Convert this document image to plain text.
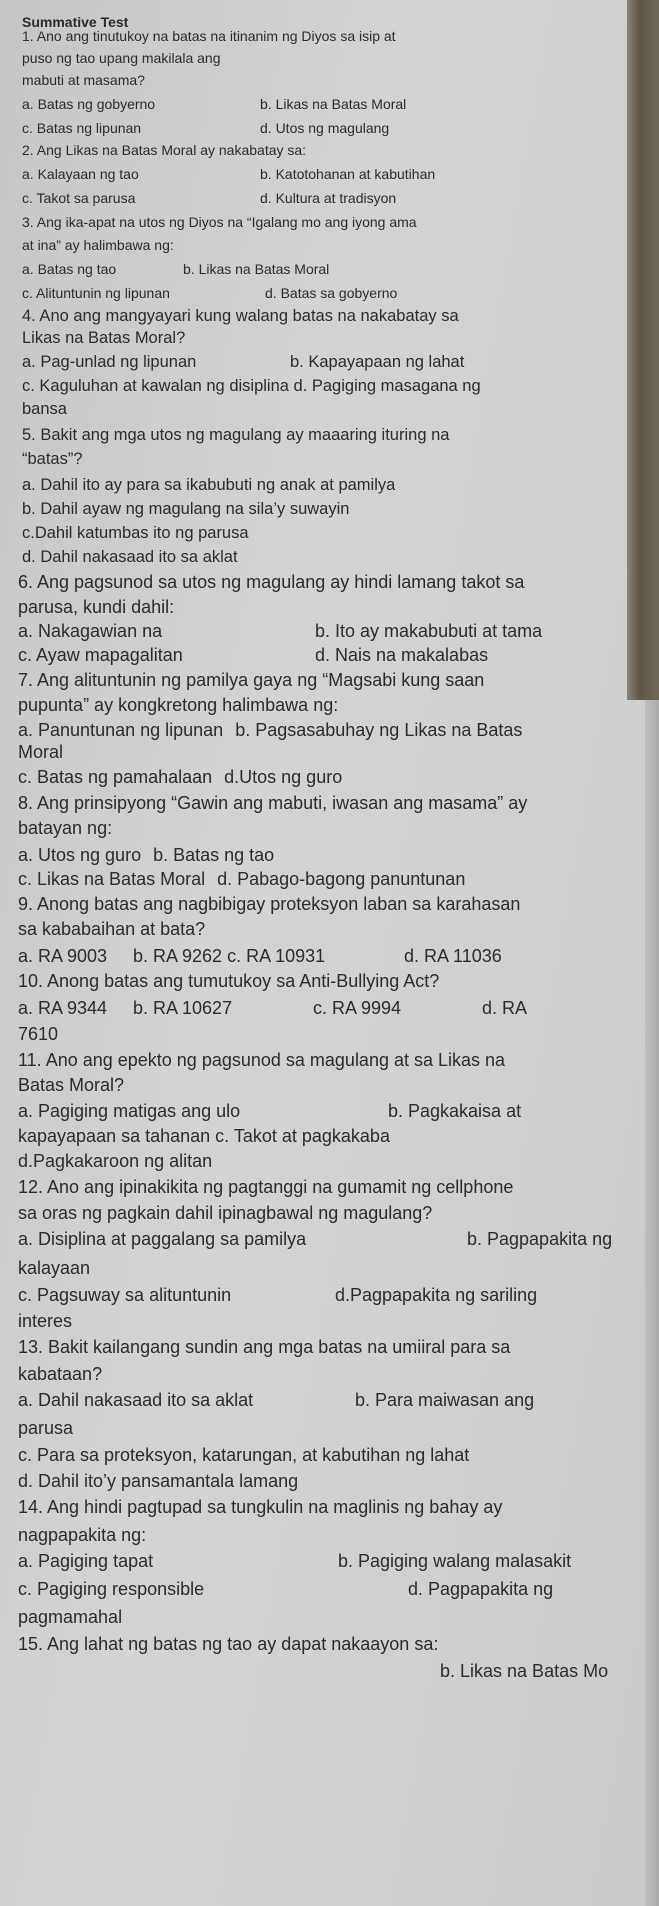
Summative Test
1. Ano ang tinutukoy na batas na itinanim ng Diyos sa isip at
puso ng tao upang makilala ang
mabuti at masama?
a. Batas ng gobyerno	b. Likas na Batas Moral
c. Batas ng lipunan	d. Utos ng magulang
2. Ang Likas na Batas Moral ay nakabatay sa:
a. Kalayaan ng tao	b. Katotohanan at kabutihan
c. Takot sa parusa	d. Kultura at tradisyon
3. Ang ika-apat na utos ng Diyos na “Igalang mo ang iyong ama
at ina” ay halimbawa ng:
a. Batas ng tao	b. Likas na Batas Moral
c. Alituntunin ng lipunan	d. Batas sa gobyerno
4. Ano ang mangyayari kung walang batas na nakabatay sa
Likas na Batas Moral?
a. Pag-unlad ng lipunan	b. Kapayapaan ng lahat
c. Kaguluhan at kawalan ng disiplina d. Pagiging masagana ng
bansa
5. Bakit ang mga utos ng magulang ay maaaring ituring na
“batas”?
a. Dahil ito ay para sa ikabubuti ng anak at pamilya
b. Dahil ayaw ng magulang na sila’y suwayin
c.Dahil katumbas ito ng parusa
d. Dahil nakasaad ito sa aklat
6. Ang pagsunod sa utos ng magulang ay hindi lamang takot sa
parusa, kundi dahil:
a. Nakagawian na	b. Ito ay makabubuti at tama
c. Ayaw mapagalitan	d. Nais na makalabas
7. Ang alituntunin ng pamilya gaya ng “Magsabi kung saan
pupunta” ay kongkretong halimbawa ng:
a. Panuntunan ng lipunan b. Pagsasabuhay ng Likas na Batas
Moral
c. Batas ng pamahalaan d.Utos ng guro
8. Ang prinsipyong “Gawin ang mabuti, iwasan ang masama” ay
batayan ng:
a. Utos ng guro b. Batas ng tao
c. Likas na Batas Moral d. Pabago-bagong panuntunan
9. Anong batas ang nagbibigay proteksyon laban sa karahasan
sa kababaihan at bata?
a. RA 9003 b. RA 9262 c. RA 10931	d. RA 11036
10. Anong batas ang tumutukoy sa Anti-Bullying Act?
a. RA 9344 b. RA 10627	c. RA 9994	d. RA
7610
11. Ano ang epekto ng pagsunod sa magulang at sa Likas na
Batas Moral?
a. Pagiging matigas ang ulo	b. Pagkakaisa at
kapayapaan sa tahanan c. Takot at pagkakaba
d.Pagkakaroon ng alitan
12. Ano ang ipinakikita ng pagtanggi na gumamit ng cellphone
sa oras ng pagkain dahil ipinagbawal ng magulang?
a. Disiplina at paggalang sa pamilya	b. Pagpapakita ng
kalayaan
c. Pagsuway sa alituntunin	d.Pagpapakita ng sariling
interes
13. Bakit kailangang sundin ang mga batas na umiiral para sa
kabataan?
a. Dahil nakasaad ito sa aklat	b. Para maiwasan ang
parusa
c. Para sa proteksyon, katarungan, at kabutihan ng lahat
d. Dahil ito’y pansamantala lamang
14. Ang hindi pagtupad sa tungkulin na maglinis ng bahay ay
nagpapakita ng:
a. Pagiging tapat	b. Pagiging walang malasakit
c. Pagiging responsible	d. Pagpapakita ng
pagmamahal
15. Ang lahat ng batas ng tao ay dapat nakaayon sa:
b. Likas na Batas Mo
